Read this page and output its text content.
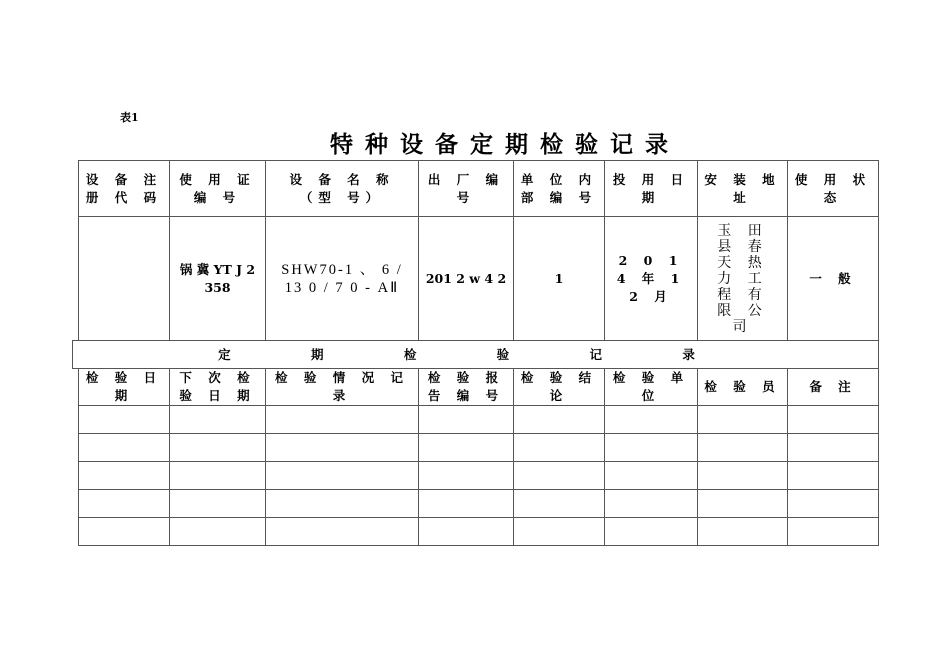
表1
特种设备定期检验记录
设 备 注 册 代 码	使 用 证 编 号	设 备 名 称 （型 号）	出 厂 编 号	单 位 内 部 编 号	投 用 日 期	安 装 地 址	使 用 状 态
	锅 冀 YT J 2 358	SHW70-1 、 6 / 13 0 / 7 0 - AⅡ	201 2 w 4 2	1	2 0 1 4 年 1 2 月	玉 田 县 春 天 热 力 工 程 有 限 公 司	一 般

检 验 日 期	下 次 检 验 日 期	检 验 情 况 记 录	检 验 报 告 编 号	检 验 结 论	检 验 单 位	检 验 员	备 注

定 期 检 验 记 录
